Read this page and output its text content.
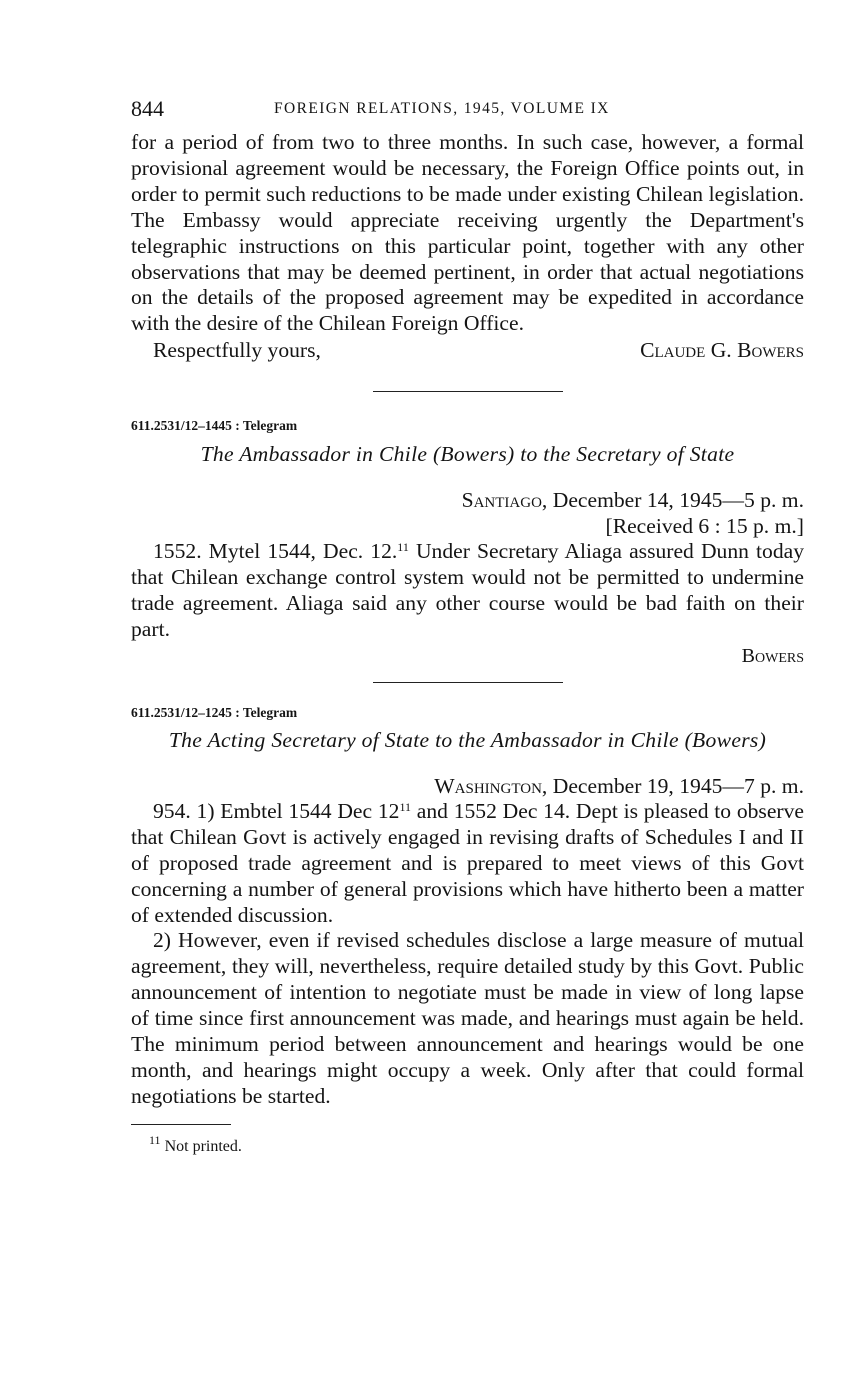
844	FOREIGN RELATIONS, 1945, VOLUME IX

for a period of from two to three months. In such case, however, a formal provisional agreement would be necessary, the Foreign Office points out, in order to permit such reductions to be made under existing Chilean legislation. The Embassy would appreciate receiving urgently the Department's telegraphic instructions on this particular point, together with any other observations that may be deemed pertinent, in order that actual negotiations on the details of the proposed agreement may be expedited in accordance with the desire of the Chilean Foreign Office.

Respectfully yours,	Claude G. Bowers
611.2531/12–1445 : Telegram
The Ambassador in Chile (Bowers) to the Secretary of State
Santiago, December 14, 1945—5 p. m.
[Received 6 : 15 p. m.]

1552. Mytel 1544, Dec. 12.11 Under Secretary Aliaga assured Dunn today that Chilean exchange control system would not be permitted to undermine trade agreement. Aliaga said any other course would be bad faith on their part.

Bowers
611.2531/12–1245 : Telegram
The Acting Secretary of State to the Ambassador in Chile (Bowers)
Washington, December 19, 1945—7 p. m.

954. 1) Embtel 1544 Dec $12^{11}$ and 1552 Dec 14. Dept is pleased to observe that Chilean Govt is actively engaged in revising drafts of Schedules I and II of proposed trade agreement and is prepared to meet views of this Govt concerning a number of general provisions which have hitherto been a matter of extended discussion.

2) However, even if revised schedules disclose a large measure of mutual agreement, they will, nevertheless, require detailed study by this Govt. Public announcement of intention to negotiate must be made in view of long lapse of time since first announcement was made, and hearings must again be held. The minimum period between announcement and hearings would be one month, and hearings might occupy a week. Only after that could formal negotiations be started.

$^{11}$ Not printed.
